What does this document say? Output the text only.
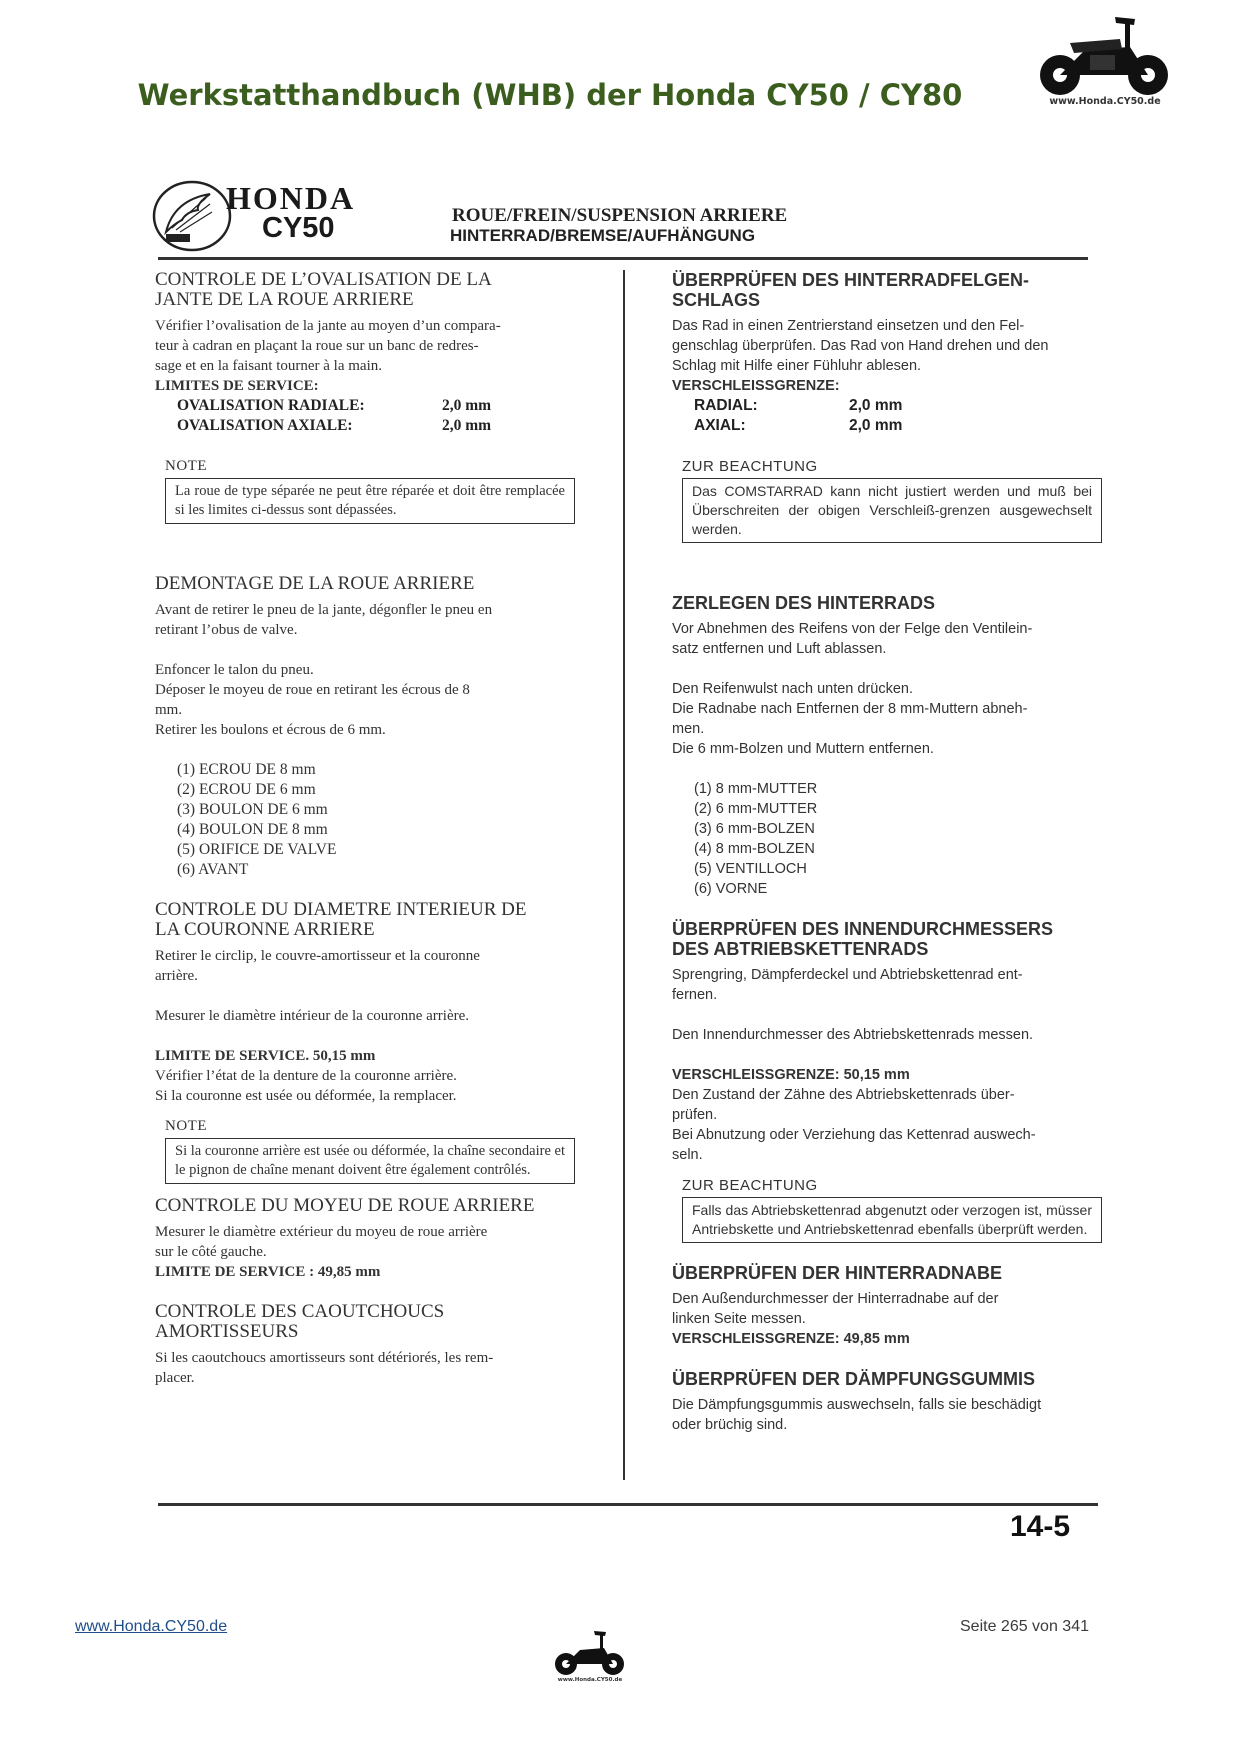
Werkstatthandbuch (WHB) der Honda CY50 / CY80	www.Honda.CY50.de
HONDA
CY50	ROUE/FREIN/SUSPENSION ARRIERE
HINTERRAD/BREMSE/AUFHÄNGUNG
CONTROLE DE L’OVALISATION DE LA
JANTE DE LA ROUE ARRIERE
Vérifier l’ovalisation de la jante au moyen d’un compara-
teur à cadran en plaçant la roue sur un banc de redres-
sage et en la faisant tourner à la main.
LIMITES DE SERVICE:
OVALISATION RADIALE:	2,0 mm
OVALISATION AXIALE:	2,0 mm
NOTE
La roue de type séparée ne peut être réparée et doit être remplacée si les limites ci-dessus sont dépassées.
DEMONTAGE DE LA ROUE ARRIERE
Avant de retirer le pneu de la jante, dégonfler le pneu en
retirant l’obus de valve.
Enfoncer le talon du pneu.
Déposer le moyeu de roue en retirant les écrous de 8
mm.
Retirer les boulons et écrous de 6 mm.
(1) ECROU DE 8 mm
(2) ECROU DE 6 mm
(3) BOULON DE 6 mm
(4) BOULON DE 8 mm
(5) ORIFICE DE VALVE
(6) AVANT
CONTROLE DU DIAMETRE INTERIEUR DE
LA COURONNE ARRIERE
Retirer le circlip, le couvre-amortisseur et la couronne
arrière.
Mesurer le diamètre intérieur de la couronne arrière.
LIMITE DE SERVICE. 50,15 mm
Vérifier l’état de la denture de la couronne arrière.
Si la couronne est usée ou déformée, la remplacer.
NOTE
Si la couronne arrière est usée ou déformée, la chaîne secondaire et le pignon de chaîne menant doivent être également contrôlés.
CONTROLE DU MOYEU DE ROUE ARRIERE
Mesurer le diamètre extérieur du moyeu de roue arrière
sur le côté gauche.
LIMITE DE SERVICE : 49,85 mm
CONTROLE DES CAOUTCHOUCS
AMORTISSEURS
Si les caoutchoucs amortisseurs sont détériorés, les rem-
placer.
ÜBERPRÜFEN DES HINTERRADFELGEN-
SCHLAGS
Das Rad in einen Zentrierstand einsetzen und den Fel-
genschlag überprüfen. Das Rad von Hand drehen und den
Schlag mit Hilfe einer Fühluhr ablesen.
VERSCHLEISSGRENZE:
RADIAL:	2,0 mm
AXIAL:	2,0 mm
ZUR BEACHTUNG
Das COMSTARRAD kann nicht justiert werden und muß bei Überschreiten der obigen Verschleiß-grenzen ausgewechselt werden.
ZERLEGEN DES HINTERRADS
Vor Abnehmen des Reifens von der Felge den Ventilein-
satz entfernen und Luft ablassen.
Den Reifenwulst nach unten drücken.
Die Radnabe nach Entfernen der 8 mm-Muttern abneh-
men.
Die 6 mm-Bolzen und Muttern entfernen.
(1) 8 mm-MUTTER
(2) 6 mm-MUTTER
(3) 6 mm-BOLZEN
(4) 8 mm-BOLZEN
(5) VENTILLOCH
(6) VORNE
ÜBERPRÜFEN DES INNENDURCHMESSERS
DES ABTRIEBSKETTENRADS
Sprengring, Dämpferdeckel und Abtriebskettenrad ent-
fernen.
Den Innendurchmesser des Abtriebskettenrads messen.
VERSCHLEISSGRENZE: 50,15 mm
Den Zustand der Zähne des Abtriebskettenrads über-
prüfen.
Bei Abnutzung oder Verziehung das Kettenrad auswech-
seln.
ZUR BEACHTUNG
Falls das Abtriebskettenrad abgenutzt oder verzogen ist, müsser Antriebskette und Antriebskettenrad ebenfalls überprüft werden.
ÜBERPRÜFEN DER HINTERRADNABE
Den Außendurchmesser der Hinterradnabe auf der
linken Seite messen.
VERSCHLEISSGRENZE: 49,85 mm
ÜBERPRÜFEN DER DÄMPFUNGSGUMMIS
Die Dämpfungsgummis auswechseln, falls sie beschädigt
oder brüchig sind.
14-5
www.Honda.CY50.de
www.Honda.CY50.de
Seite 265 von 341
